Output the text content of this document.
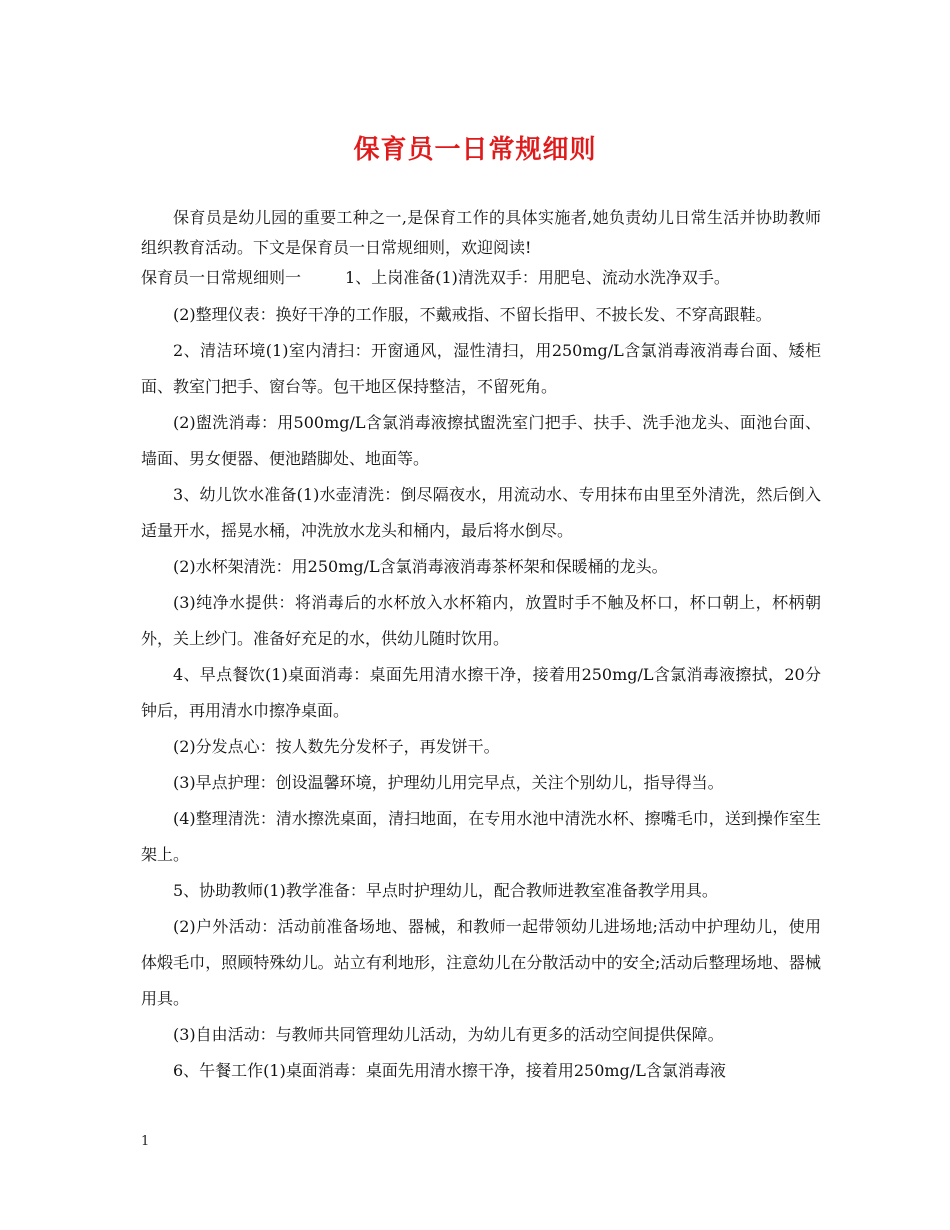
保育员一日常规细则

保育员是幼儿园的重要工种之一,是保育工作的具体实施者,她负责幼儿日常生活并协助教师组织教育活动。下文是保育员一日常规细则，欢迎阅读!

保育员一日常规细则一	1、上岗准备(1)清洗双手：用肥皂、流动水洗净双手。

(2)整理仪表：换好干净的工作服，不戴戒指、不留长指甲、不披长发、不穿高跟鞋。

2、清洁环境(1)室内清扫：开窗通风，湿性清扫，用250mg/L含氯消毒液消毒台面、矮柜面、教室门把手、窗台等。包干地区保持整洁，不留死角。

(2)盥洗消毒：用500mg/L含氯消毒液擦拭盥洗室门把手、扶手、洗手池龙头、面池台面、墙面、男女便器、便池踏脚处、地面等。

3、幼儿饮水准备(1)水壶清洗：倒尽隔夜水，用流动水、专用抹布由里至外清洗，然后倒入适量开水，摇晃水桶，冲洗放水龙头和桶内，最后将水倒尽。

(2)水杯架清洗：用250mg/L含氯消毒液消毒茶杯架和保暖桶的龙头。

(3)纯净水提供：将消毒后的水杯放入水杯箱内，放置时手不触及杯口，杯口朝上，杯柄朝外，关上纱门。准备好充足的水，供幼儿随时饮用。

4、早点餐饮(1)桌面消毒：桌面先用清水擦干净，接着用250mg/L含氯消毒液擦拭，20分钟后，再用清水巾擦净桌面。

(2)分发点心：按人数先分发杯子，再发饼干。

(3)早点护理：创设温馨环境，护理幼儿用完早点，关注个别幼儿，指导得当。

(4)整理清洗：清水擦洗桌面，清扫地面，在专用水池中清洗水杯、擦嘴毛巾，送到操作室生架上。

5、协助教师(1)教学准备：早点时护理幼儿，配合教师进教室准备教学用具。

(2)户外活动：活动前准备场地、器械，和教师一起带领幼儿进场地;活动中护理幼儿，使用体煅毛巾，照顾特殊幼儿。站立有利地形，注意幼儿在分散活动中的安全;活动后整理场地、器械用具。

(3)自由活动：与教师共同管理幼儿活动，为幼儿有更多的活动空间提供保障。

6、午餐工作(1)桌面消毒：桌面先用清水擦干净，接着用250mg/L含氯消毒液

1
